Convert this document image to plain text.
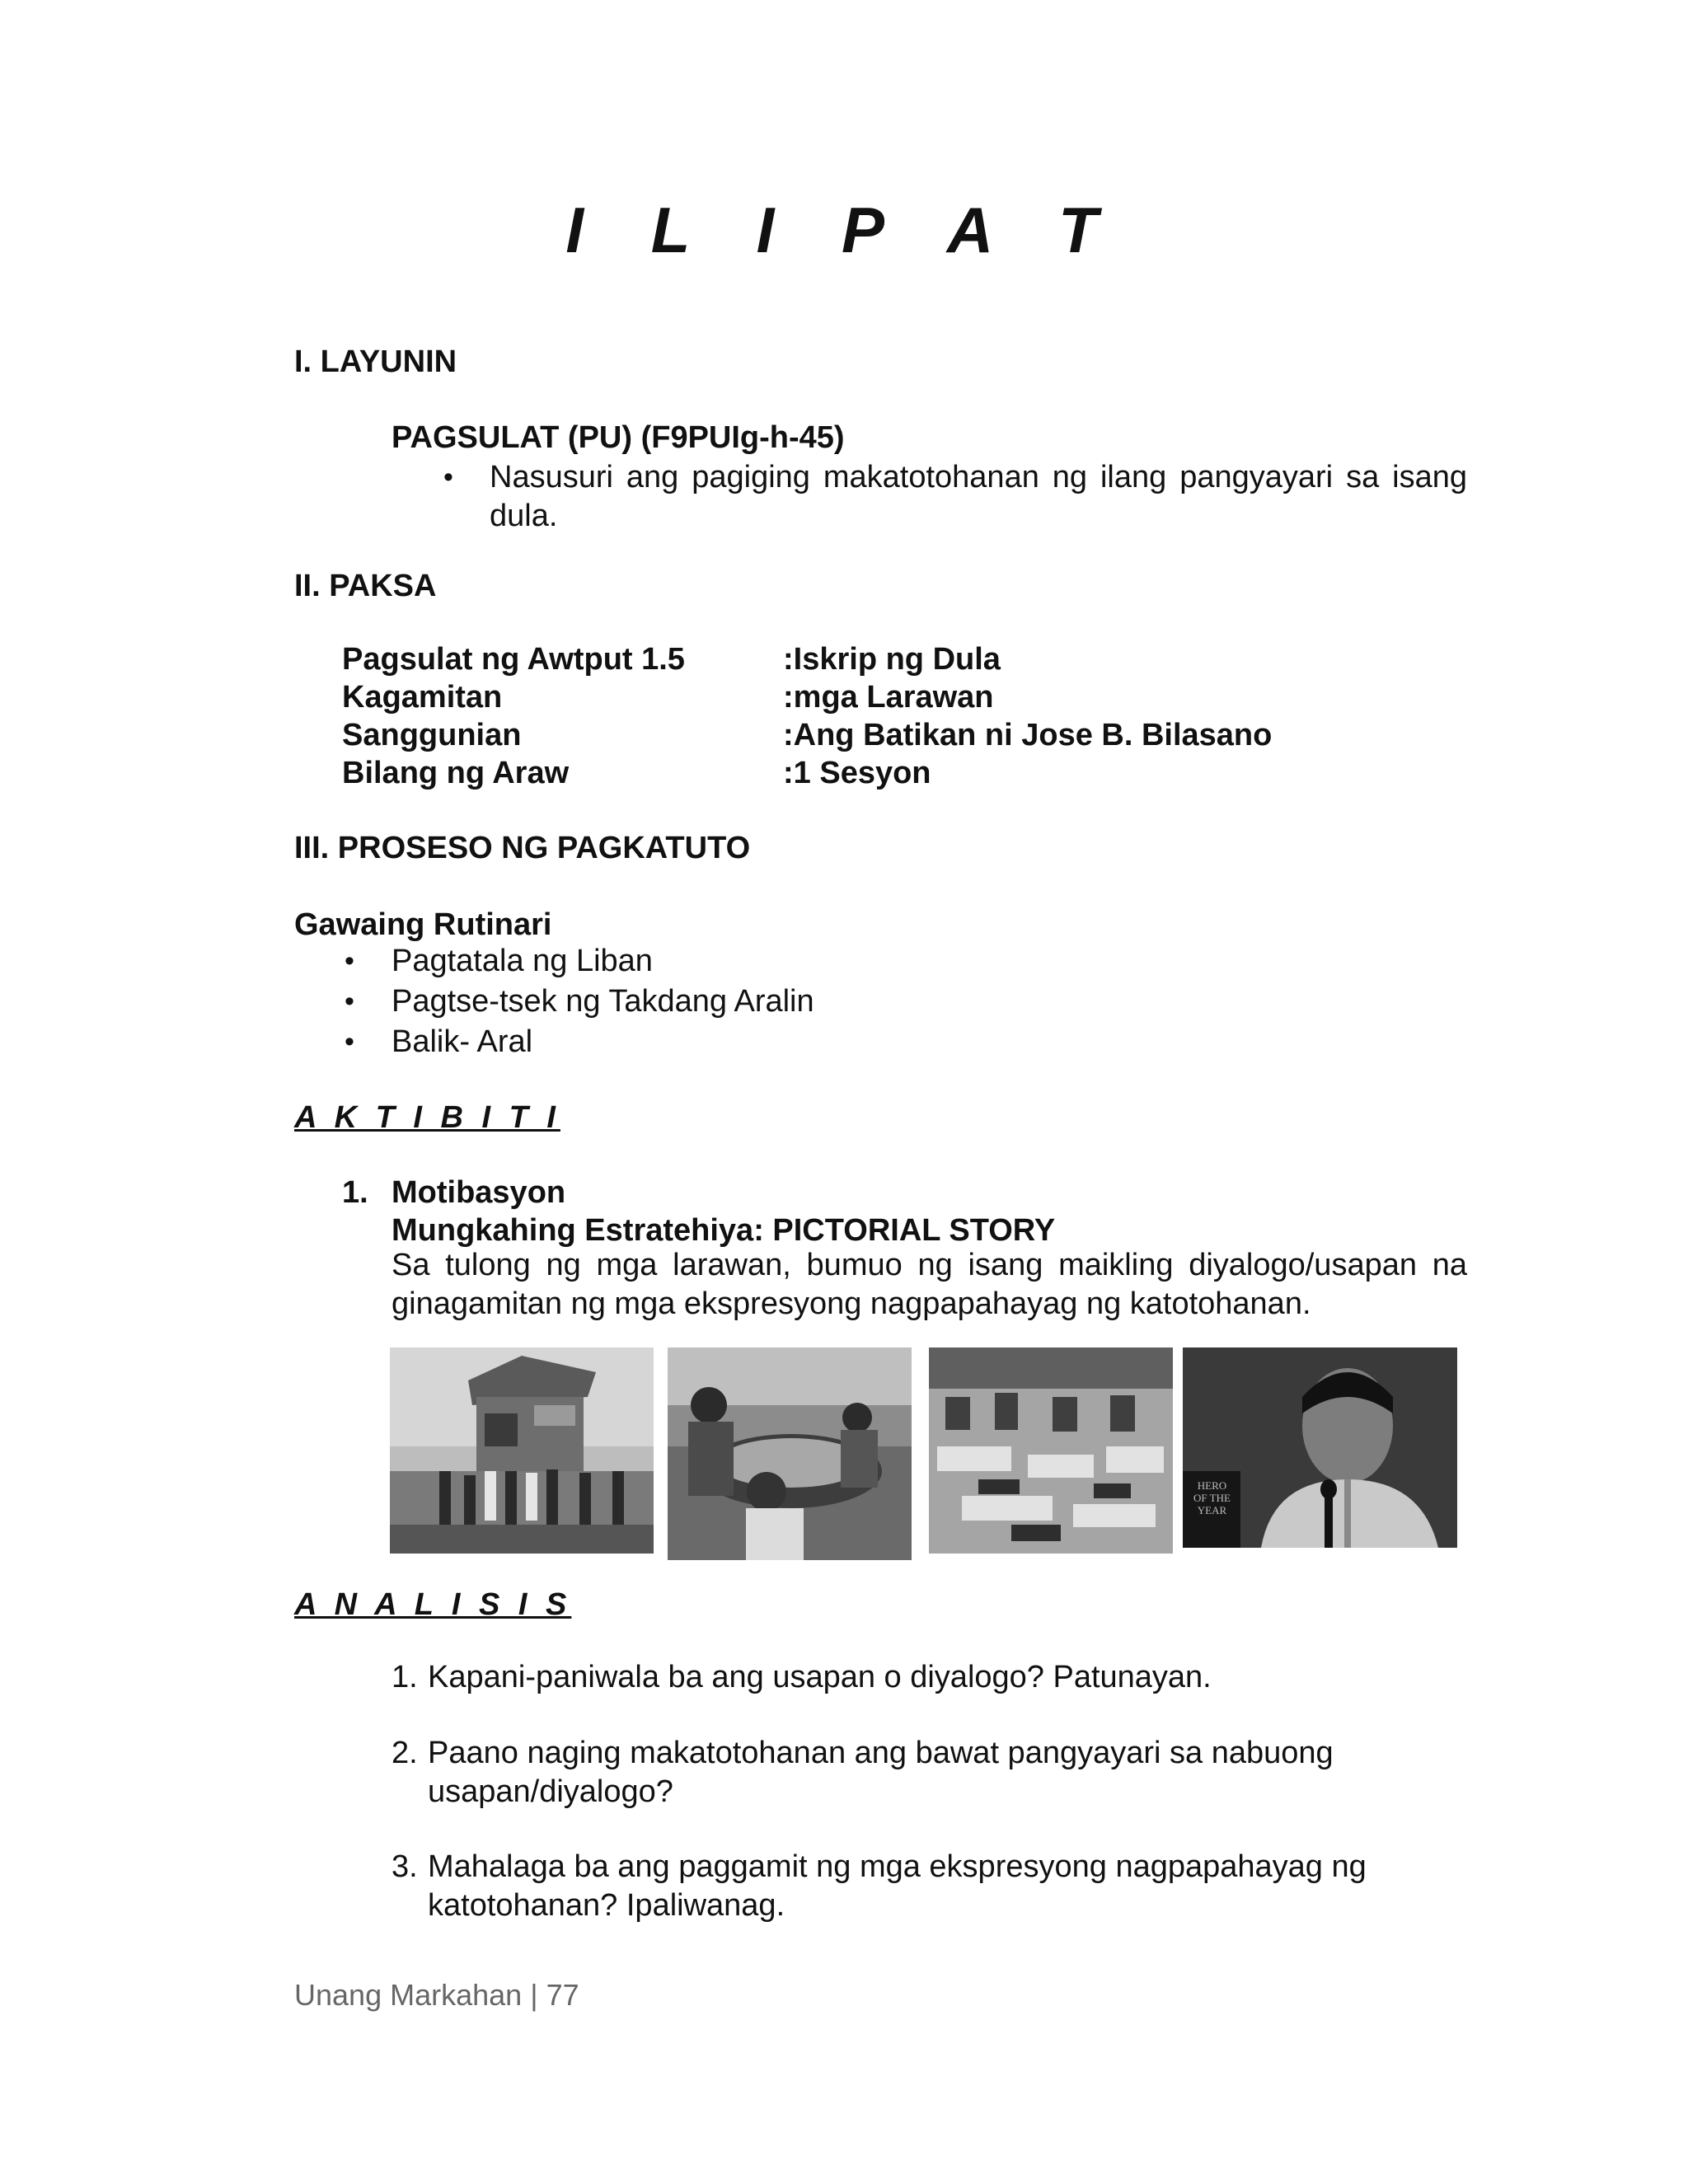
I L I P A T
I. LAYUNIN
PAGSULAT (PU) (F9PUIg-h-45)
• Nasusuri ang pagiging makatotohanan ng ilang pangyayari sa isang dula.
II. PAKSA
Pagsulat ng Awtput 1.5	:Iskrip ng Dula
Kagamitan	:mga Larawan
Sanggunian	:Ang Batikan ni Jose B. Bilasano
Bilang ng Araw	:1 Sesyon
III. PROSESO NG PAGKATUTO
Gawaing Rutinari
• Pagtatala ng Liban
• Pagtse-tsek ng Takdang Aralin
• Balik- Aral
A K T I B I T I
1. Motibasyon
Mungkahing Estratehiya: PICTORIAL STORY
Sa tulong ng mga larawan, bumuo ng isang maikling diyalogo/usapan na ginagamitan ng mga ekspresyong nagpapahayag ng katotohanan.
HERO OF THE YEAR
A N A L I S I S
1. Kapani-paniwala ba ang usapan o diyalogo? Patunayan.
2. Paano naging makatotohanan ang bawat pangyayari sa nabuong usapan/diyalogo?
3. Mahalaga ba ang paggamit ng mga ekspresyong nagpapahayag ng katotohanan? Ipaliwanag.
Unang Markahan | 77
